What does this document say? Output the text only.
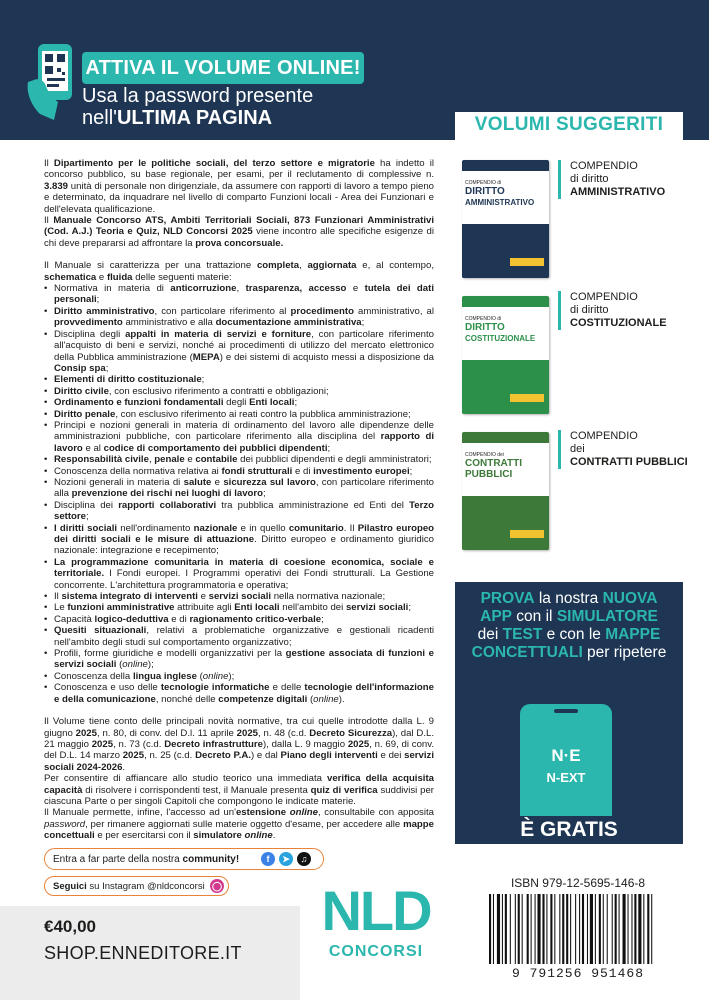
ATTIVA IL VOLUME ONLINE!
Usa la password presente
nell'ULTIMA PAGINA	VOLUMI SUGGERITI

Il Dipartimento per le politiche sociali, del terzo settore e migratorie ha indetto il concorso pubblico, su base regionale, per esami, per il reclutamento di complessive n. 3.839 unità di personale non dirigenziale, da assumere con rapporti di lavoro a tempo pieno e determinato, da inquadrare nel livello di comparto Funzioni locali - Area dei Funzionari e dell'elevata qualificazione.

Il Manuale Concorso ATS, Ambiti Territoriali Sociali, 873 Funzionari Amministrativi (Cod. A.J.) Teoria e Quiz, NLD Concorsi 2025 viene incontro alle specifiche esigenze di chi deve prepararsi ad affrontare la prova concorsuale.

Il Manuale si caratterizza per una trattazione completa, aggiornata e, al contempo, schematica e fluida delle seguenti materie:

• Normativa in materia di anticorruzione, trasparenza, accesso e tutela dei dati personali;
• Diritto amministrativo, con particolare riferimento al procedimento amministrativo, al provvedimento amministrativo e alla documentazione amministrativa;
• Disciplina degli appalti in materia di servizi e forniture, con particolare riferimento all'acquisto di beni e servizi, nonché ai procedimenti di utilizzo del mercato elettronico della Pubblica amministrazione (MEPA) e dei sistemi di acquisto messi a disposizione da Consip spa;
• Elementi di diritto costituzionale;
• Diritto civile, con esclusivo riferimento a contratti e obbligazioni;
• Ordinamento e funzioni fondamentali degli Enti locali;
• Diritto penale, con esclusivo riferimento ai reati contro la pubblica amministrazione;
• Principi e nozioni generali in materia di ordinamento del lavoro alle dipendenze delle amministrazioni pubbliche, con particolare riferimento alla disciplina del rapporto di lavoro e al codice di comportamento dei pubblici dipendenti;
• Responsabilità civile, penale e contabile dei pubblici dipendenti e degli amministratori;
• Conoscenza della normativa relativa ai fondi strutturali e di investimento europei;
• Nozioni generali in materia di salute e sicurezza sul lavoro, con particolare riferimento alla prevenzione dei rischi nei luoghi di lavoro;
• Disciplina dei rapporti collaborativi tra pubblica amministrazione ed Enti del Terzo settore;
• I diritti sociali nell'ordinamento nazionale e in quello comunitario. Il Pilastro europeo dei diritti sociali e le misure di attuazione. Diritto europeo e ordinamento giuridico nazionale: integrazione e recepimento;
• La programmazione comunitaria in materia di coesione economica, sociale e territoriale. I Fondi europei. I Programmi operativi dei Fondi strutturali. La Gestione concorrente. L'architettura programmatoria e operativa;
• Il sistema integrato di interventi e servizi sociali nella normativa nazionale;
• Le funzioni amministrative attribuite agli Enti locali nell'ambito dei servizi sociali;
• Capacità logico-deduttiva e di ragionamento critico-verbale;
• Quesiti situazionali, relativi a problematiche organizzative e gestionali ricadenti nell'ambito degli studi sul comportamento organizzativo;
• Profili, forme giuridiche e modelli organizzativi per la gestione associata di funzioni e servizi sociali (online);
• Conoscenza della lingua inglese (online);
• Conoscenza e uso delle tecnologie informatiche e delle tecnologie dell'informazione e della comunicazione, nonché delle competenze digitali (online).

Il Volume tiene conto delle principali novità normative, tra cui quelle introdotte dalla L. 9 giugno 2025, n. 80, di conv. del D.l. 11 aprile 2025, n. 48 (c.d. Decreto Sicurezza), dal D.L. 21 maggio 2025, n. 73 (c.d. Decreto infrastrutture), dalla L. 9 maggio 2025, n. 69, di conv. del D.L. 14 marzo 2025, n. 25 (c.d. Decreto P.A.) e dal Piano degli interventi e dei servizi sociali 2024-2026.

Per consentire di affiancare allo studio teorico una immediata verifica della acquisita capacità di risolvere i corrispondenti test, il Manuale presenta quiz di verifica suddivisi per ciascuna Parte o per singoli Capitoli che compongono le indicate materie.

Il Manuale permette, infine, l'accesso ad un'estensione online, consultabile con apposita password, per rimanere aggiornati sulle materie oggetto d'esame, per accedere alle mappe concettuali e per esercitarsi con il simulatore online.

COMPENDIO di
DIRITTO
AMMINISTRATIVO
COMPENDIO
di diritto
AMMINISTRATIVO
COMPENDIO di
DIRITTO
COSTITUZIONALE
COMPENDIO
di diritto
COSTITUZIONALE
COMPENDIO dei
CONTRATTI
PUBBLICI
COMPENDIO
dei
CONTRATTI PUBBLICI
PROVA la nostra NUOVA APP con il SIMULATORE dei TEST e con le MAPPE CONCETTUALI per ripetere
N·E
N-EXT
È GRATIS
Entra a far parte della nostra community!	f	➤	♫
Seguici su Instagram @nldconcorsi ◯
€40,00
SHOP.ENNEDITORE.IT
NLD
CONCORSI
ISBN 979-12-5695-146-8
9 791256 951468
